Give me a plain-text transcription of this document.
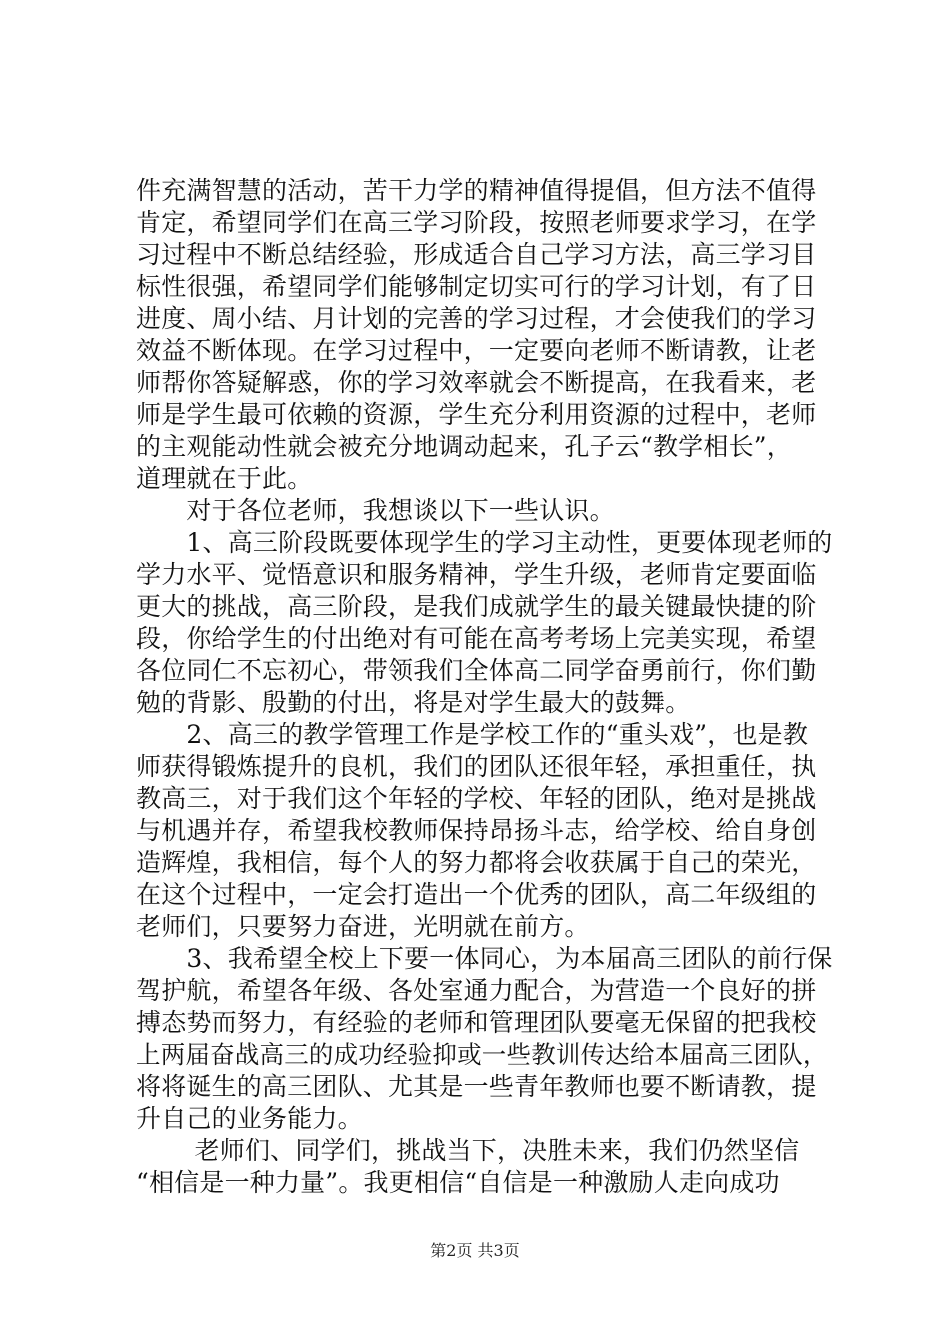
件充满智慧的活动，苦干力学的精神值得提倡，但方法不值得
肯定，希望同学们在高三学习阶段，按照老师要求学习，在学
习过程中不断总结经验，形成适合自己学习方法，高三学习目
标性很强，希望同学们能够制定切实可行的学习计划，有了日
进度、周小结、月计划的完善的学习过程，才会使我们的学习
效益不断体现。在学习过程中，一定要向老师不断请教，让老
师帮你答疑解惑，你的学习效率就会不断提高，在我看来，老
师是学生最可依赖的资源，学生充分利用资源的过程中，老师
的主观能动性就会被充分地调动起来，孔子云“教学相长”，
道理就在于此。
　　对于各位老师，我想谈以下一些认识。
　　1、高三阶段既要体现学生的学习主动性，更要体现老师的
学力水平、觉悟意识和服务精神，学生升级，老师肯定要面临
更大的挑战，高三阶段，是我们成就学生的最关键最快捷的阶
段，你给学生的付出绝对有可能在高考考场上完美实现，希望
各位同仁不忘初心，带领我们全体高二同学奋勇前行，你们勤
勉的背影、殷勤的付出，将是对学生最大的鼓舞。
　　2、高三的教学管理工作是学校工作的“重头戏”，也是教
师获得锻炼提升的良机，我们的团队还很年轻，承担重任，执
教高三，对于我们这个年轻的学校、年轻的团队，绝对是挑战
与机遇并存，希望我校教师保持昂扬斗志，给学校、给自身创
造辉煌，我相信，每个人的努力都将会收获属于自己的荣光，
在这个过程中，一定会打造出一个优秀的团队，高二年级组的
老师们，只要努力奋进，光明就在前方。
　　3、我希望全校上下要一体同心，为本届高三团队的前行保
驾护航，希望各年级、各处室通力配合，为营造一个良好的拼
搏态势而努力，有经验的老师和管理团队要毫无保留的把我校
上两届奋战高三的成功经验抑或一些教训传达给本届高三团队，
将将诞生的高三团队、尤其是一些青年教师也要不断请教，提
升自己的业务能力。
　　 老师们、同学们，挑战当下，决胜未来，我们仍然坚信
“相信是一种力量”。我更相信“自信是一种激励人走向成功
第2页 共3页
